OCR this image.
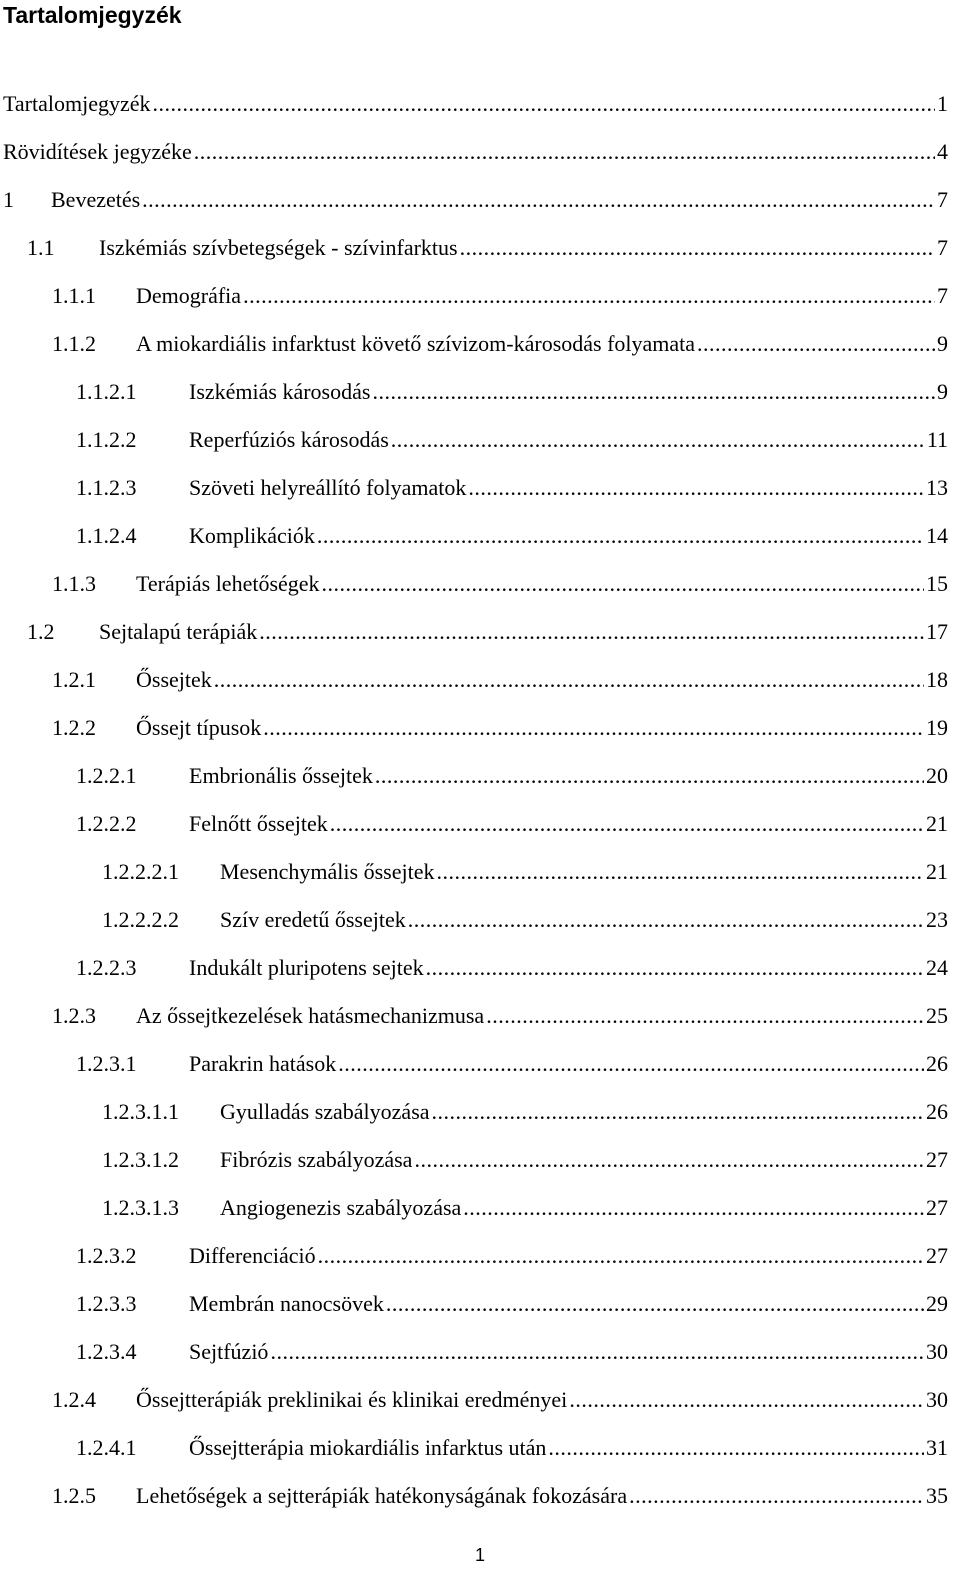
Tartalomjegyzék
Tartalomjegyzék .....	1
Rövidítések jegyzéke .....	4
1	Bevezetés .....	7
1.1	Iszkémiás szívbetegségek - szívinfarktus .....	7
1.1.1	Demográfia .....	7
1.1.2	A miokardiális infarktust követő szívizom-károsodás folyamata .....	9
1.1.2.1	Iszkémiás károsodás .....	9
1.1.2.2	Reperfúziós károsodás .....	11
1.1.2.3	Szöveti helyreállító folyamatok .....	13
1.1.2.4	Komplikációk .....	14
1.1.3	Terápiás lehetőségek .....	15
1.2	Sejtalapú terápiák .....	17
1.2.1	Őssejtek .....	18
1.2.2	Őssejt típusok .....	19
1.2.2.1	Embrionális őssejtek .....	20
1.2.2.2	Felnőtt őssejtek .....	21
1.2.2.2.1	Mesenchymális őssejtek .....	21
1.2.2.2.2	Szív eredetű őssejtek .....	23
1.2.2.3	Indukált pluripotens sejtek .....	24
1.2.3	Az őssejtkezelések hatásmechanizmusa .....	25
1.2.3.1	Parakrin hatások .....	26
1.2.3.1.1	Gyulladás szabályozása .....	26
1.2.3.1.2	Fibrózis szabályozása .....	27
1.2.3.1.3	Angiogenezis szabályozása .....	27
1.2.3.2	Differenciáció .....	27
1.2.3.3	Membrán nanocsövek .....	29
1.2.3.4	Sejtfúzió .....	30
1.2.4	Őssejtterápiák preklinikai és klinikai eredményei .....	30
1.2.4.1	Őssejtterápia miokardiális infarktus után .....	31
1.2.5	Lehetőségek a sejtterápiák hatékonyságának fokozására .....	35
1
